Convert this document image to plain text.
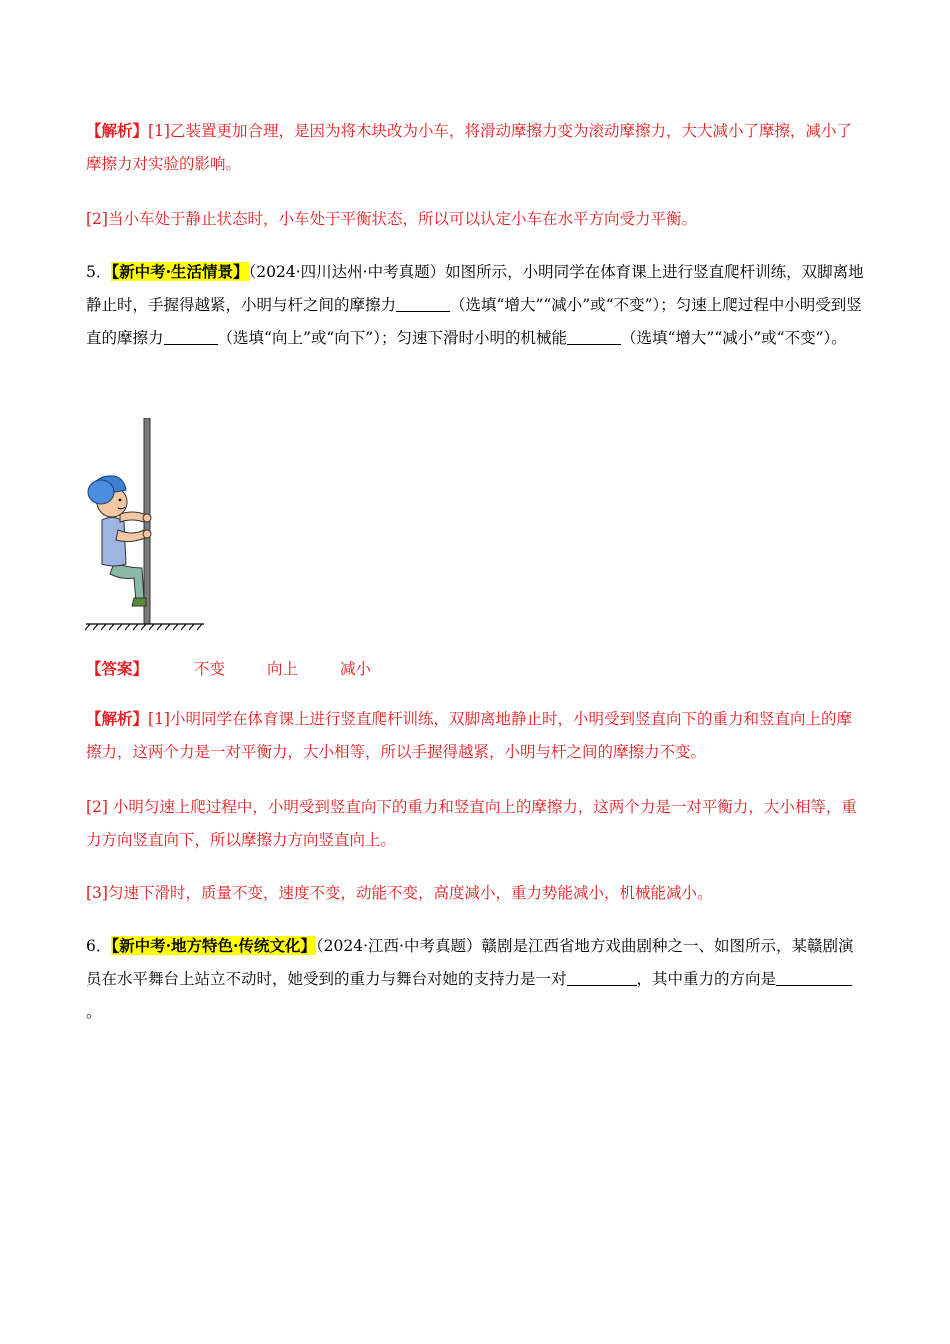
【解析】[1]乙装置更加合理，是因为将木块改为小车，将滑动摩擦力变为滚动摩擦力，大大减小了摩擦，减小了摩擦力对实验的影响。

[2]当小车处于静止状态时，小车处于平衡状态，所以可以认定小车在水平方向受力平衡。

5．【新中考·生活情景】（2024·四川达州·中考真题）如图所示，小明同学在体育课上进行竖直爬杆训练，双脚离地静止时，手握得越紧，小明与杆之间的摩擦力	（选填“增大”“减小”或“不变”）；匀速上爬过程中小明受到竖直的摩擦力	（选填“向上”或“向下”）；匀速下滑时小明的机械能	（选填“增大”“减小”或“不变”）。

【答案】	不变	向上	减小

【解析】[1]小明同学在体育课上进行竖直爬杆训练，双脚离地静止时，小明受到竖直向下的重力和竖直向上的摩擦力，这两个力是一对平衡力，大小相等，所以手握得越紧，小明与杆之间的摩擦力不变。

[2] 小明匀速上爬过程中，小明受到竖直向下的重力和竖直向上的摩擦力，这两个力是一对平衡力，大小相等，重力方向竖直向下，所以摩擦力方向竖直向上。

[3]匀速下滑时，质量不变，速度不变，动能不变，高度减小，重力势能减小，机械能减小。

6．【新中考·地方特色·传统文化】（2024·江西·中考真题）赣剧是江西省地方戏曲剧种之一、如图所示，某赣剧演员在水平舞台上站立不动时，她受到的重力与舞台对她的支持力是一对	，其中重力的方向是。
